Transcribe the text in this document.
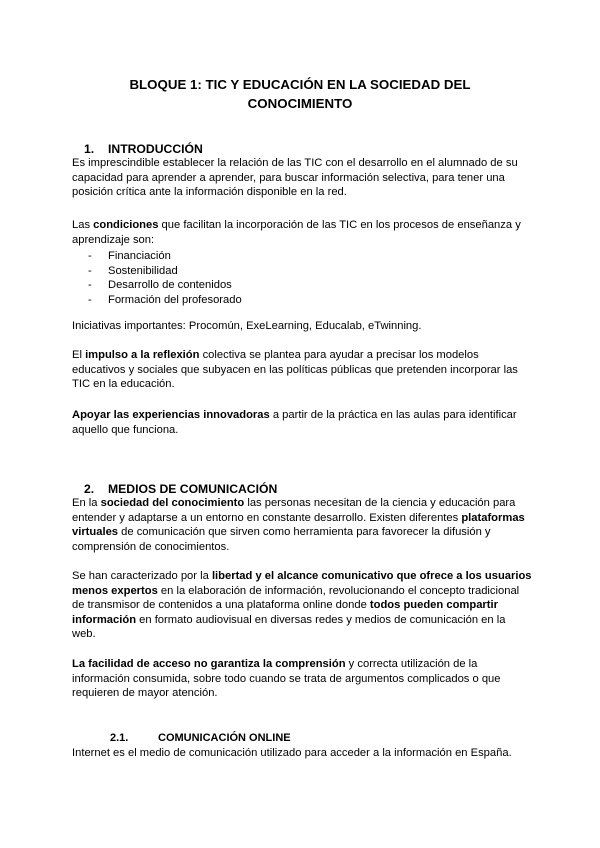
BLOQUE 1: TIC Y EDUCACIÓN EN LA SOCIEDAD DEL
CONOCIMIENTO
1. INTRODUCCIÓN
Es imprescindible establecer la relación de las TIC con el desarrollo en el alumnado de su capacidad para aprender a aprender, para buscar información selectiva, para tener una posición crítica ante la información disponible en la red.
Las condiciones que facilitan la incorporación de las TIC en los procesos de enseñanza y aprendizaje son:
- Financiación
- Sostenibilidad
- Desarrollo de contenidos
- Formación del profesorado
Iniciativas importantes: Procomún, ExeLearning, Educalab, eTwinning.
El impulso a la reflexión colectiva se plantea para ayudar a precisar los modelos educativos y sociales que subyacen en las políticas públicas que pretenden incorporar las TIC en la educación.
Apoyar las experiencias innovadoras a partir de la práctica en las aulas para identificar aquello que funciona.
2. MEDIOS DE COMUNICACIÓN
En la sociedad del conocimiento las personas necesitan de la ciencia y educación para entender y adaptarse a un entorno en constante desarrollo. Existen diferentes plataformas virtuales de comunicación que sirven como herramienta para favorecer la difusión y comprensión de conocimientos.
Se han caracterizado por la libertad y el alcance comunicativo que ofrece a los usuarios menos expertos en la elaboración de información, revolucionando el concepto tradicional de transmisor de contenidos a una plataforma online donde todos pueden compartir información en formato audiovisual en diversas redes y medios de comunicación en la web.
La facilidad de acceso no garantiza la comprensión y correcta utilización de la información consumida, sobre todo cuando se trata de argumentos complicados o que requieren de mayor atención.
2.1.	COMUNICACIÓN ONLINE
Internet es el medio de comunicación utilizado para acceder a la información en España.
